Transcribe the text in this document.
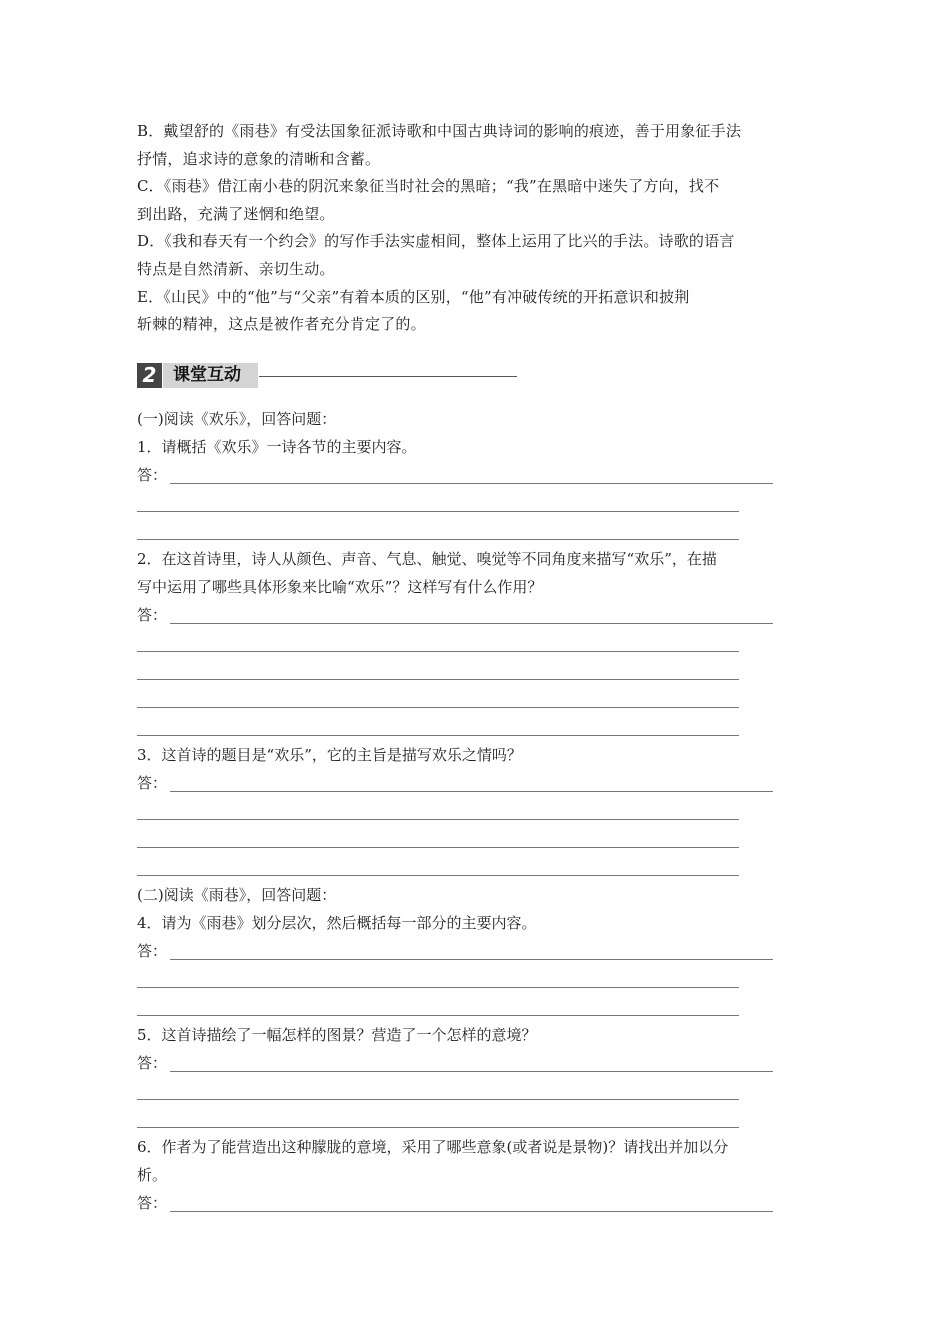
B．戴望舒的《雨巷》有受法国象征派诗歌和中国古典诗词的影响的痕迹，善于用象征手法
抒情，追求诗的意象的清晰和含蓄。
C．《雨巷》借江南小巷的阴沉来象征当时社会的黑暗；“我”在黑暗中迷失了方向，找不
到出路，充满了迷惘和绝望。
D．《我和春天有一个约会》的写作手法实虚相间，整体上运用了比兴的手法。诗歌的语言
特点是自然清新、亲切生动。
E．《山民》中的“他”与“父亲”有着本质的区别，“他”有冲破传统的开拓意识和披荆
斩棘的精神，这点是被作者充分肯定了的。
2 课堂互动
(一)阅读《欢乐》，回答问题：
1．请概括《欢乐》一诗各节的主要内容。
答：
2．在这首诗里，诗人从颜色、声音、气息、触觉、嗅觉等不同角度来描写“欢乐”，在描
写中运用了哪些具体形象来比喻“欢乐”？这样写有什么作用？
答：
3．这首诗的题目是“欢乐”，它的主旨是描写欢乐之情吗？
答：
(二)阅读《雨巷》，回答问题：
4．请为《雨巷》划分层次，然后概括每一部分的主要内容。
答：
5．这首诗描绘了一幅怎样的图景？营造了一个怎样的意境？
答：
6．作者为了能营造出这种朦胧的意境，采用了哪些意象(或者说是景物)？请找出并加以分
析。
答：
